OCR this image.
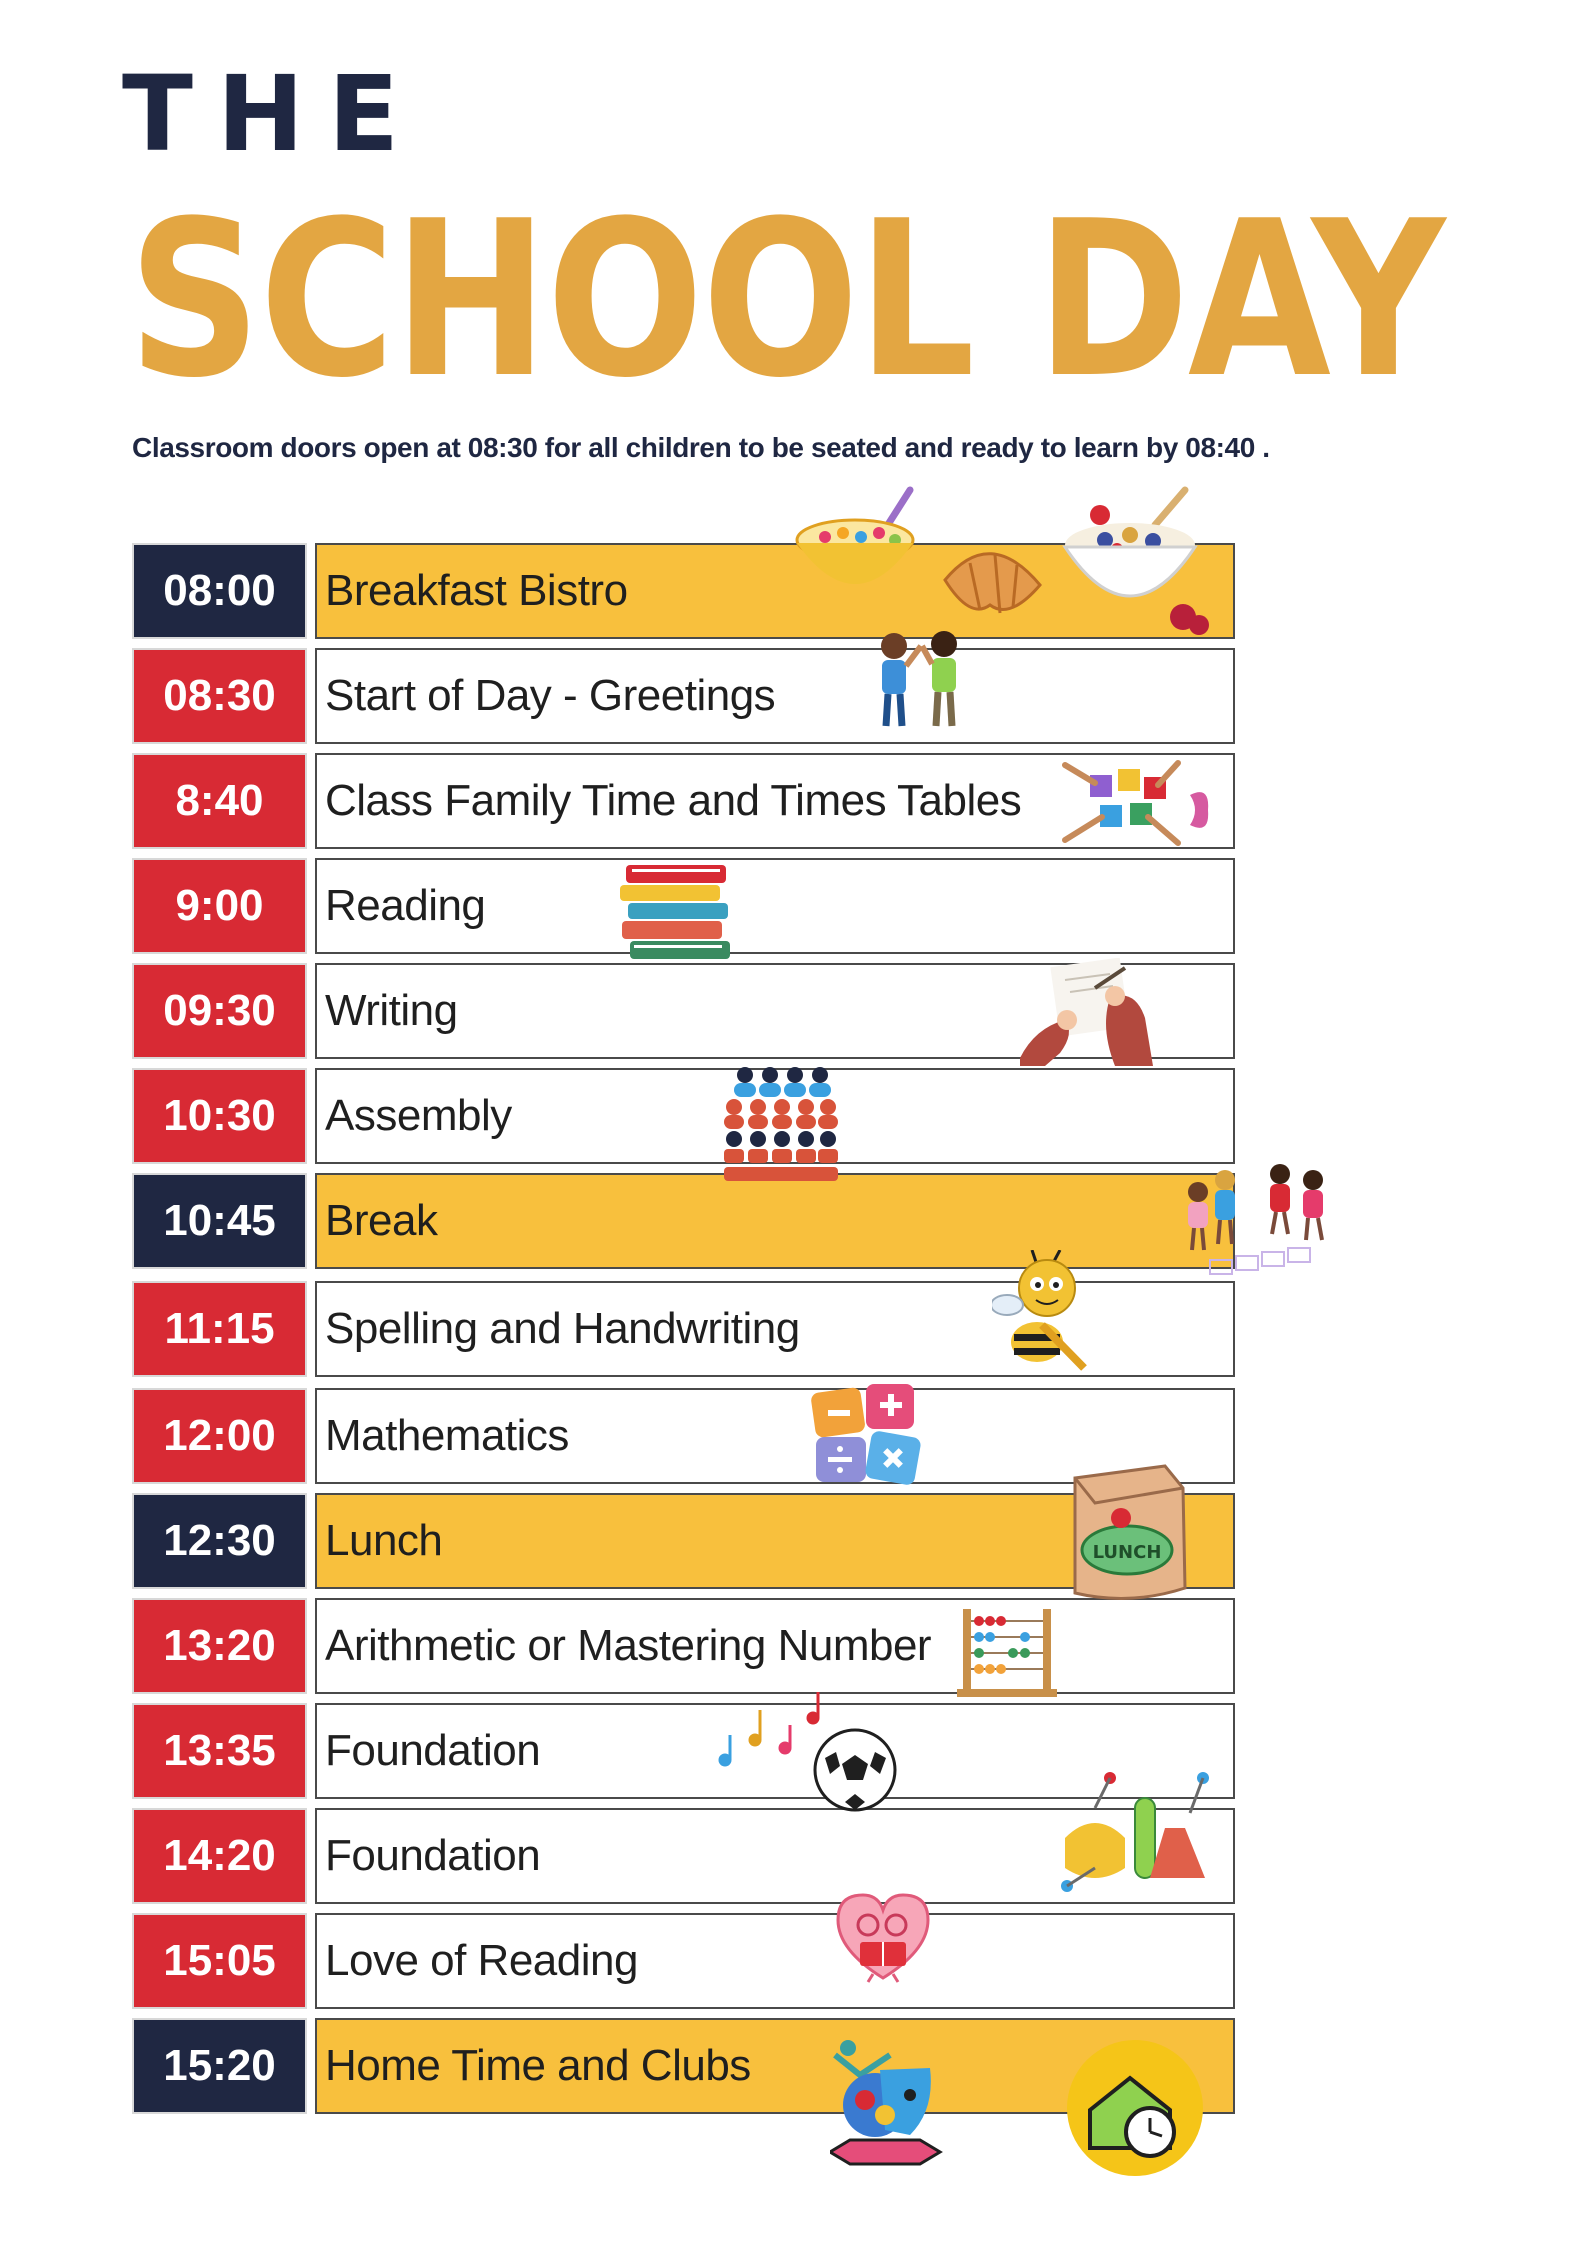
THE
SCHOOL DAY

Classroom doors open at 08:30 for all children to be seated and ready to learn by 08:40 .

08:00	Breakfast Bistro
08:30	Start of Day - Greetings
8:40	Class Family Time and Times Tables
9:00	Reading
09:30	Writing
10:30	Assembly
10:45	Break
11:15	Spelling and Handwriting
12:00	Mathematics
12:30	Lunch
13:20	Arithmetic or Mastering Number
13:35	Foundation
14:20	Foundation
15:05	Love of Reading
15:20	Home Time and Clubs
LUNCH
